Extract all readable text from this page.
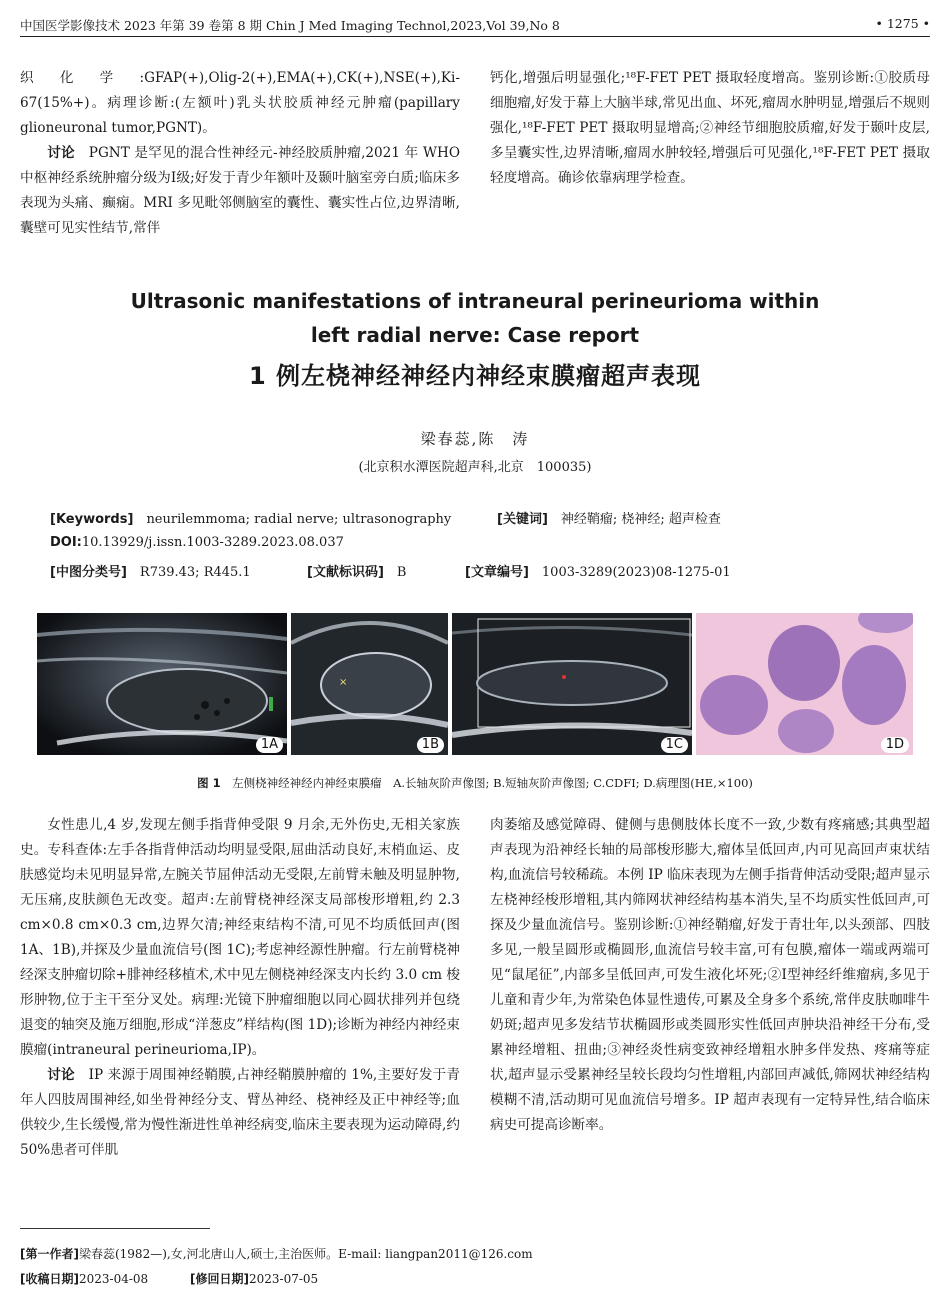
中国医学影像技术 2023 年第 39 卷第 8 期 Chin J Med Imaging Technol,2023,Vol 39,No 8	• 1275 •

织化学:GFAP(+),Olig-2(+),EMA(+),CK(+),NSE(+),Ki-67(15%+)。病理诊断:(左额叶)乳头状胶质神经元肿瘤(papillary glioneuronal tumor,PGNT)。

讨论　 PGNT 是罕见的混合性神经元-神经胶质肿瘤,2021 年 WHO 中枢神经系统肿瘤分级为Ⅰ级;好发于青少年额叶及颞叶脑室旁白质;临床多表现为头痛、癫痫。MRI 多见毗邻侧脑室的囊性、囊实性占位,边界清晰,囊壁可见实性结节,常伴

钙化,增强后明显强化;¹⁸F-FET PET 摄取轻度增高。鉴别诊断:①胶质母细胞瘤,好发于幕上大脑半球,常见出血、坏死,瘤周水肿明显,增强后不规则强化,¹⁸F-FET PET 摄取明显增高;②神经节细胞胶质瘤,好发于颞叶皮层,多呈囊实性,边界清晰,瘤周水肿较轻,增强后可见强化,¹⁸F-FET PET 摄取轻度增高。确诊依靠病理学检查。

Ultrasonic manifestations of intraneural perineurioma within
left radial nerve: Case report
1 例左桡神经神经内神经束膜瘤超声表现
梁春蕊,陈　涛
(北京积水潭医院超声科,北京　100035)
[Keywords]　 neurilemmoma; radial nerve; ultrasonography	[关键词]　 神经鞘瘤; 桡神经; 超声检查
DOI:10.13929/j.issn.1003-3289.2023.08.037
[中图分类号]　 R739.43; R445.1	[文献标识码]　 B	[文章编号]　 1003-3289(2023)08-1275-01
1A
×
1B	1C	1D
图 1　 左侧桡神经神经内神经束膜瘤　A.长轴灰阶声像图; B.短轴灰阶声像图; C.CDFI; D.病理图(HE,×100)

女性患儿,4 岁,发现左侧手指背伸受限 9 月余,无外伤史,无相关家族史。专科查体:左手各指背伸活动均明显受限,屈曲活动良好,末梢血运、皮肤感觉均未见明显异常,左腕关节屈伸活动无受限,左前臂未触及明显肿物,无压痛,皮肤颜色无改变。超声:左前臂桡神经深支局部梭形增粗,约 2.3 cm×0.8 cm×0.3 cm,边界欠清;神经束结构不清,可见不均质低回声(图 1A、1B),并探及少量血流信号(图 1C);考虑神经源性肿瘤。行左前臂桡神经深支肿瘤切除+腓神经移植术,术中见左侧桡神经深支内长约 3.0 cm 梭形肿物,位于主干至分叉处。病理:光镜下肿瘤细胞以同心圆状排列并包绕退变的轴突及施万细胞,形成“洋葱皮”样结构(图 1D);诊断为神经内神经束膜瘤(intraneural perineurioma,IP)。

讨论　 IP 来源于周围神经鞘膜,占神经鞘膜肿瘤的 1%,主要好发于青年人四肢周围神经,如坐骨神经分支、臂丛神经、桡神经及正中神经等;血供较少,生长缓慢,常为慢性渐进性单神经病变,临床主要表现为运动障碍,约 50%患者可伴肌

肉萎缩及感觉障碍、健侧与患侧肢体长度不一致,少数有疼痛感;其典型超声表现为沿神经长轴的局部梭形膨大,瘤体呈低回声,内可见高回声束状结构,血流信号较稀疏。本例 IP 临床表现为左侧手指背伸活动受限;超声显示左桡神经梭形增粗,其内筛网状神经结构基本消失,呈不均质实性低回声,可探及少量血流信号。鉴别诊断:①神经鞘瘤,好发于青壮年,以头颈部、四肢多见,一般呈圆形或椭圆形,血流信号较丰富,可有包膜,瘤体一端或两端可见“鼠尾征”,内部多呈低回声,可发生液化坏死;②Ⅰ型神经纤维瘤病,多见于儿童和青少年,为常染色体显性遗传,可累及全身多个系统,常伴皮肤咖啡牛奶斑;超声见多发结节状椭圆形或类圆形实性低回声肿块沿神经干分布,受累神经增粗、扭曲;③神经炎性病变致神经增粗水肿多伴发热、疼痛等症状,超声显示受累神经呈较长段均匀性增粗,内部回声减低,筛网状神经结构模糊不清,活动期可见血流信号增多。IP 超声表现有一定特异性,结合临床病史可提高诊断率。

[第一作者]梁春蕊(1982—),女,河北唐山人,硕士,主治医师。E-mail: liangpan2011@126.com
[收稿日期]2023-04-08	[修回日期]2023-07-05
